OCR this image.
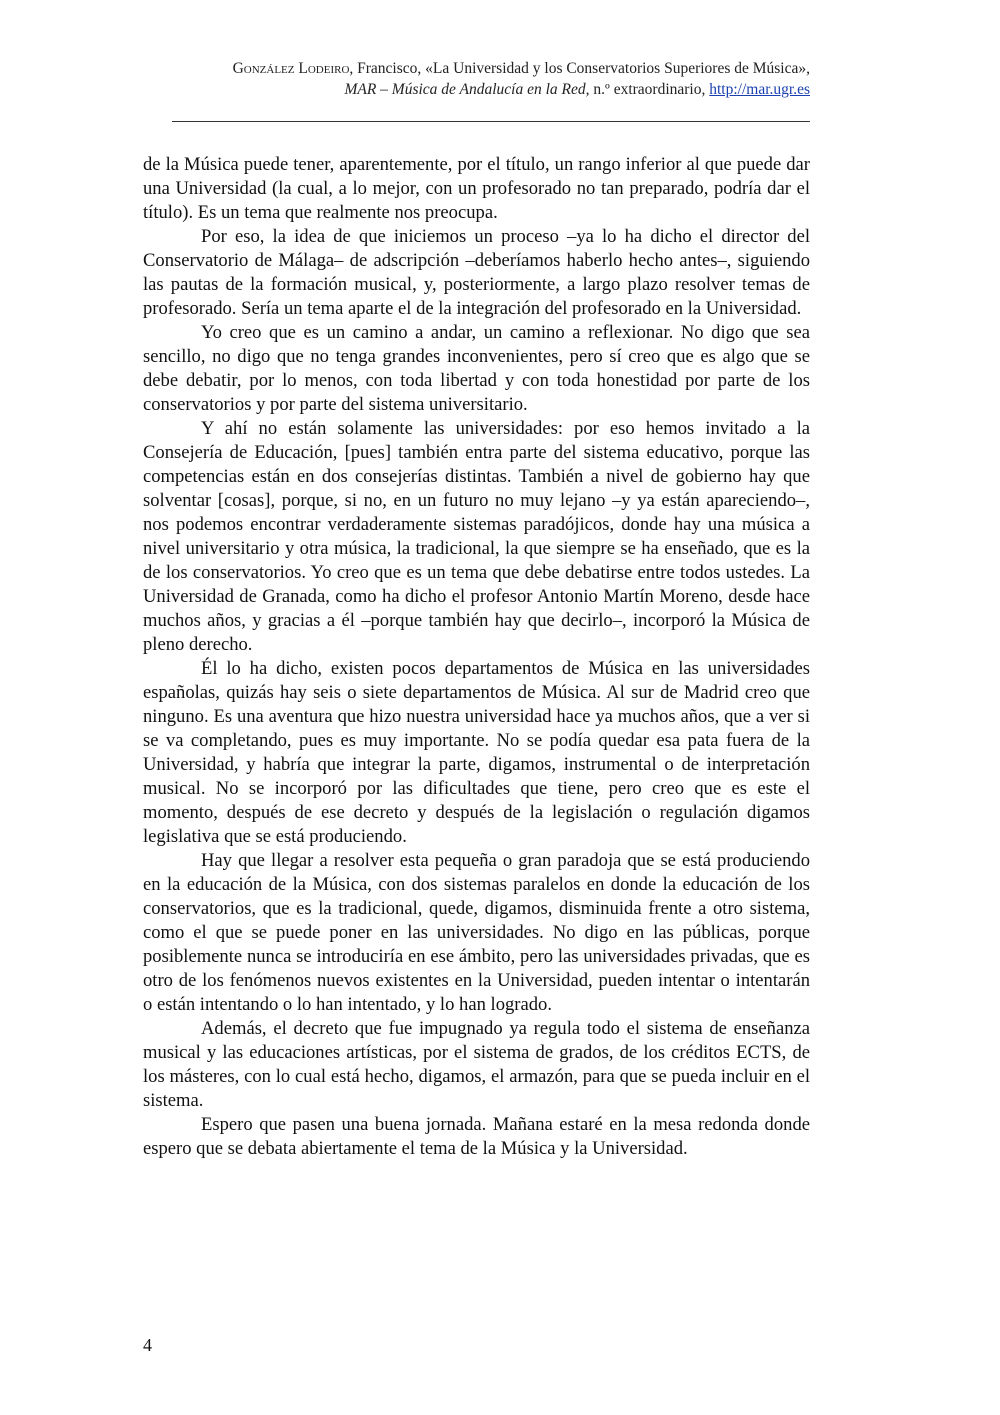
González Lodeiro, Francisco, «La Universidad y los Conservatorios Superiores de Música»,
MAR – Música de Andalucía en la Red, n.º extraordinario, http://mar.ugr.es

de la Música puede tener, aparentemente, por el título, un rango inferior al que puede dar una Universidad (la cual, a lo mejor, con un profesorado no tan preparado, podría dar el título). Es un tema que realmente nos preocupa.

Por eso, la idea de que iniciemos un proceso –ya lo ha dicho el director del Conservatorio de Málaga– de adscripción –deberíamos haberlo hecho antes–, siguiendo las pautas de la formación musical, y, posteriormente, a largo plazo resolver temas de profesorado. Sería un tema aparte el de la integración del profesorado en la Universidad.

Yo creo que es un camino a andar, un camino a reflexionar. No digo que sea sencillo, no digo que no tenga grandes inconvenientes, pero sí creo que es algo que se debe debatir, por lo menos, con toda libertad y con toda honestidad por parte de los conservatorios y por parte del sistema universitario.

Y ahí no están solamente las universidades: por eso hemos invitado a la Consejería de Educación, [pues] también entra parte del sistema educativo, porque las competencias están en dos consejerías distintas. También a nivel de gobierno hay que solventar [cosas], porque, si no, en un futuro no muy lejano –y ya están apareciendo–, nos podemos encontrar verdaderamente sistemas paradójicos, donde hay una música a nivel universitario y otra música, la tradicional, la que siempre se ha enseñado, que es la de los conservatorios. Yo creo que es un tema que debe debatirse entre todos ustedes. La Universidad de Granada, como ha dicho el profesor Antonio Martín Moreno, desde hace muchos años, y gracias a él –porque también hay que decirlo–, incorporó la Música de pleno derecho.

Él lo ha dicho, existen pocos departamentos de Música en las universidades españolas, quizás hay seis o siete departamentos de Música. Al sur de Madrid creo que ninguno. Es una aventura que hizo nuestra universidad hace ya muchos años, que a ver si se va completando, pues es muy importante. No se podía quedar esa pata fuera de la Universidad, y habría que integrar la parte, digamos, instrumental o de interpretación musical. No se incorporó por las dificultades que tiene, pero creo que es este el momento, después de ese decreto y después de la legislación o regulación digamos legislativa que se está produciendo.

Hay que llegar a resolver esta pequeña o gran paradoja que se está produciendo en la educación de la Música, con dos sistemas paralelos en donde la educación de los conservatorios, que es la tradicional, quede, digamos, disminuida frente a otro sistema, como el que se puede poner en las universidades. No digo en las públicas, porque posiblemente nunca se introduciría en ese ámbito, pero las universidades privadas, que es otro de los fenómenos nuevos existentes en la Universidad, pueden intentar o intentarán o están intentando o lo han intentado, y lo han logrado.

Además, el decreto que fue impugnado ya regula todo el sistema de enseñanza musical y las educaciones artísticas, por el sistema de grados, de los créditos ECTS, de los másteres, con lo cual está hecho, digamos, el armazón, para que se pueda incluir en el sistema.

Espero que pasen una buena jornada. Mañana estaré en la mesa redonda donde espero que se debata abiertamente el tema de la Música y la Universidad.

4
